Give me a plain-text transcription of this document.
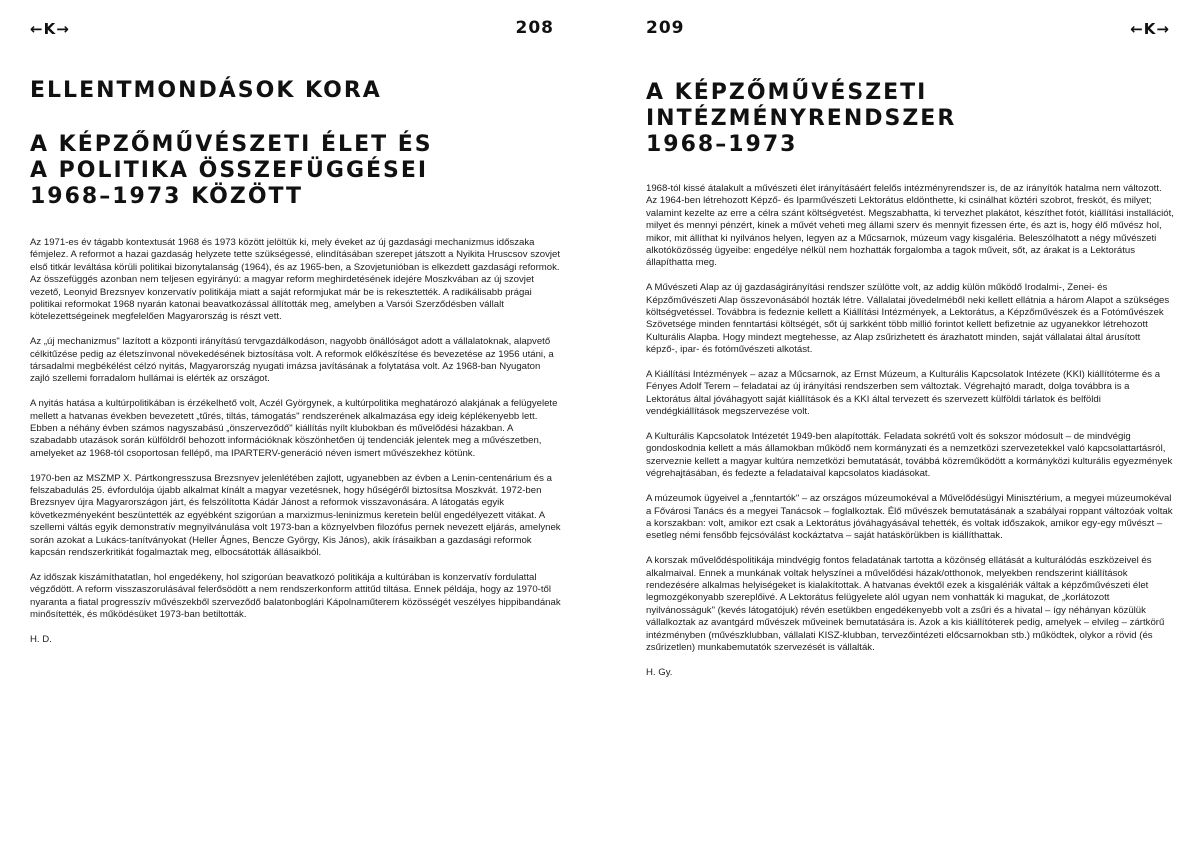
←K→	208
ELLENTMONDÁSOK KORA
A KÉPZŐMŰVÉSZETI ÉLET ÉS
A POLITIKA ÖSSZEFÜGGÉSEI
1968–1973 KÖZÖTT

Az 1971-es év tágabb kontextusát 1968 és 1973 között jelöltük ki, mely éveket az új gazdasági mechanizmus időszaka fémjelez. A reformot a hazai gazdaság helyzete tette szükségessé, elindításában szerepet játszott a Nyikita Hruscsov szovjet első titkár leváltása körüli politikai bizonytalanság (1964), és az 1965-ben, a Szovjetunióban is elkezdett gazdasági reformok. Az összefüggés azonban nem teljesen egyirányú: a magyar reform meghirdetésének idejére Moszkvában az új szovjet vezető, Leonyid Brezsnyev konzervatív politikája miatt a saját reformjukat már be is rekesztették. A radikálisabb prágai politikai reformokat 1968 nyarán katonai beavatkozással állították meg, amelyben a Varsói Szerződésben vállalt kötelezettségeinek megfelelően Magyarország is részt vett.

Az „új mechanizmus" lazított a központi irányítású tervgazdálkodáson, nagyobb önállóságot adott a vállalatoknak, alapvető célkitűzése pedig az életszínvonal növekedésének biztosítása volt. A reformok előkészítése és bevezetése az 1956 utáni, a társadalmi megbékélést célzó nyitás, Magyarország nyugati imázsa javításának a folytatása volt. Az 1968-ban Nyugaton zajló szellemi forradalom hullámai is elérték az országot.

A nyitás hatása a kultúrpolitikában is érzékelhető volt, Aczél Györgynek, a kultúrpolitika meghatározó alakjának a felügyelete mellett a hatvanas években bevezetett „tűrés, tiltás, támogatás" rendszerének alkalmazása egy ideig képlékenyebb lett. Ebben a néhány évben számos nagyszabású „önszerveződő" kiállítás nyílt klubokban és művelődési házakban. A szabadabb utazások során külföldről behozott információknak köszönhetően új tendenciák jelentek meg a művészetben, amelyeket az 1968-tól csoportosan fellépő, ma IPARTERV-generáció néven ismert művészekhez kötünk.

1970-ben az MSZMP X. Pártkongresszusa Brezsnyev jelenlétében zajlott, ugyanebben az évben a Lenin-centenárium és a felszabadulás 25. évfordulója újabb alkalmat kínált a magyar vezetésnek, hogy hűségéről biztosítsa Moszkvát. 1972-ben Brezsnyev újra Magyarországon járt, és felszólította Kádár Jánost a reformok visszavonására. A látogatás egyik következményeként beszüntették az egyébként szigorúan a marxizmus-leninizmus keretein belül engedélyezett vitákat. A szellemi váltás egyik demonstratív megnyilvánulása volt 1973-ban a köznyelvben filozófus pernek nevezett eljárás, amelynek során azokat a Lukács-tanítványokat (Heller Ágnes, Bencze György, Kis János), akik írásaikban a gazdasági reformok kapcsán rendszerkritikát fogalmaztak meg, elbocsátották állásaikból.

Az időszak kiszámíthatatlan, hol engedékeny, hol szigorúan beavatkozó politikája a kultúrában is konzervatív fordulattal végződött. A reform visszaszorulásával felerősödött a nem rendszerkonform attitűd tiltása. Ennek példája, hogy az 1970-től nyaranta a fiatal progresszív művészekből szerveződő balatonboglári Kápolnaműterem közösségét veszélyes hippibandának minősítették, és működésüket 1973-ban betiltották.

H. D.

209	←K→
A KÉPZŐMŰVÉSZETI
INTÉZMÉNYRENDSZER
1968–1973

1968-tól kissé átalakult a művészeti élet irányításáért felelős intézményrendszer is, de az irányítók hatalma nem változott. Az 1964-ben létrehozott Képző- és Iparművészeti Lektorátus eldönthette, ki csinálhat köztéri szobrot, freskót, és milyet; valamint kezelte az erre a célra szánt költségvetést. Megszabhatta, ki tervezhet plakátot, készíthet fotót, kiállítási installációt, milyet és mennyi pénzért, kinek a művét veheti meg állami szerv és mennyit fizessen érte, és azt is, hogy élő művész hol, mikor, mit állíthat ki nyilvános helyen, legyen az a Műcsarnok, múzeum vagy kisgaléria. Beleszólhatott a négy művészeti alkotóközösség ügyeibe: engedélye nélkül nem hozhatták forgalomba a tagok műveit, sőt, az árakat is a Lektorátus állapíthatta meg.

A Művészeti Alap az új gazdaságirányítási rendszer szülötte volt, az addig külön működő Irodalmi-, Zenei- és Képzőművészeti Alap összevonásából hozták létre. Vállalatai jövedelméből neki kellett ellátnia a három Alapot a szükséges költségvetéssel. Továbbra is fedeznie kellett a Kiállítási Intézmények, a Lektorátus, a Képzőművészek és a Fotóművészek Szövetsége minden fenntartási költségét, sőt új sarkként több millió forintot kellett befizetnie az ugyanekkor létrehozott Kulturális Alapba. Hogy mindezt megtehesse, az Alap zsűrizhetett és árazhatott minden, saját vállalatai által árusított képző-, ipar- és fotóművészeti alkotást.

A Kiállítási Intézmények – azaz a Műcsarnok, az Ernst Múzeum, a Kulturális Kapcsolatok Intézete (KKI) kiállítóterme és a Fényes Adolf Terem – feladatai az új irányítási rendszerben sem változtak. Végrehajtó maradt, dolga továbbra is a Lektorátus által jóváhagyott saját kiállítások és a KKI által tervezett és szervezett külföldi tárlatok és belföldi vendégkiállítások megszervezése volt.

A Kulturális Kapcsolatok Intézetét 1949-ben alapították. Feladata sokrétű volt és sokszor módosult – de mindvégig gondoskodnia kellett a más államokban működő nem kormányzati és a nemzetközi szervezetekkel való kapcsolattartásról, szerveznie kellett a magyar kultúra nemzetközi bemutatását, továbbá közreműködött a kormányközi kulturális egyezmények végrehajtásában, és fedezte a feladataival kapcsolatos kiadásokat.

A múzeumok ügyeivel a „fenntartók" – az országos múzeumokéval a Művelődésügyi Minisztérium, a megyei múzeumokéval a Fővárosi Tanács és a megyei Tanácsok – foglalkoztak. Élő művészek bemutatásának a szabályai roppant változóak voltak a korszakban: volt, amikor ezt csak a Lektorátus jóváhagyásával tehették, és voltak időszakok, amikor egy-egy művészt – esetleg némi fensőbb fejcsóválást kockáztatva – saját hatáskörükben is kiállíthattak.

A korszak művelődéspolitikája mindvégig fontos feladatának tartotta a közönség ellátását a kulturálódás eszközeivel és alkalmaival. Ennek a munkának voltak helyszínei a művelődési házak/otthonok, melyekben rendszerint kiállítások rendezésére alkalmas helyiségeket is kialakítottak. A hatvanas évektől ezek a kisgalériák váltak a képzőművészeti élet legmozgékonyabb szereplőivé. A Lektorátus felügyelete alól ugyan nem vonhatták ki magukat, de „korlátozott nyilvánosságuk" (kevés látogatójuk) révén esetükben engedékenyebb volt a zsűri és a hivatal – így néhányan közülük vállalkoztak az avantgárd művészek műveinek bemutatására is. Azok a kis kiállítóterek pedig, amelyek – elvileg – zártkörű intézményben (művészklubban, vállalati KISZ-klubban, tervezőintézeti előcsarnokban stb.) működtek, olykor a rövid (és zsűrizetlen) munkabemutatók szervezését is vállalták.

H. Gy.
